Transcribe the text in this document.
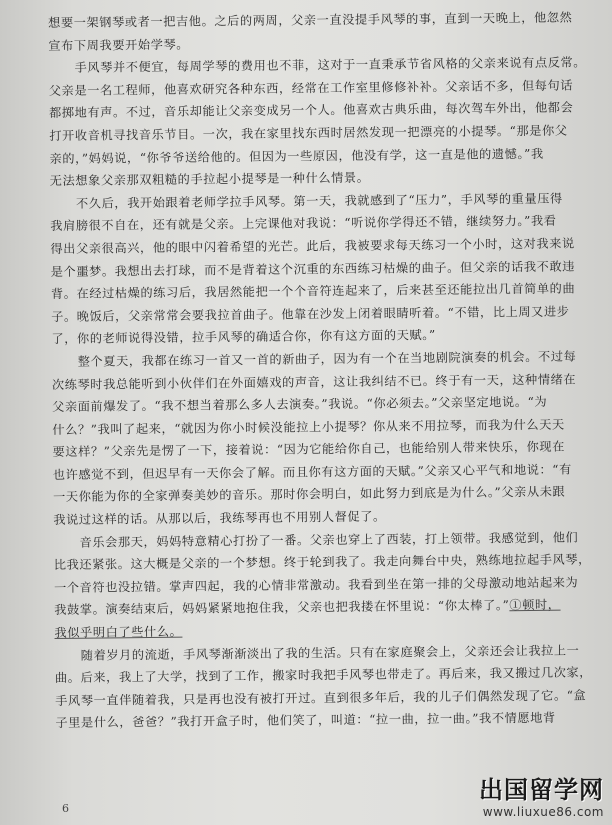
想要一架钢琴或者一把吉他。之后的两周，父亲一直没提手风琴的事，直到一天晚上，他忽然
宣布下周我要开始学琴。
手风琴并不便宜，每周学琴的费用也不菲，这对于一直秉承节省风格的父亲来说有点反常。
父亲是一名工程师，他喜欢研究各种东西，经常在工作室里修修补补。父亲话不多，但每句话
都掷地有声。不过，音乐却能让父亲变成另一个人。他喜欢古典乐曲，每次驾车外出，他都会
打开收音机寻找音乐节目。一次，我在家里找东西时居然发现一把漂亮的小提琴。“那是你父
亲的，”妈妈说，“你爷爷送给他的。但因为一些原因，他没有学，这一直是他的遗憾。”我
无法想象父亲那双粗糙的手拉起小提琴是一种什么情景。
不久后，我开始跟着老师学拉手风琴。第一天，我就感到了“压力”，手风琴的重量压得
我肩膀很不自在，还有就是父亲。上完课他对我说：“听说你学得还不错，继续努力。”我看
得出父亲很高兴，他的眼中闪着希望的光芒。此后，我被要求每天练习一个小时，这对我来说
是个噩梦。我想出去打球，而不是背着这个沉重的东西练习枯燥的曲子。但父亲的话我不敢违
背。在经过枯燥的练习后，我居然能把一个个音符连起来了，后来甚至还能拉出几首简单的曲
子。晚饭后，父亲常常会要我拉首曲子。他靠在沙发上闭着眼睛听着。“不错，比上周又进步
了，你的老师说得没错，拉手风琴的确适合你，你有这方面的天赋。”
整个夏天，我都在练习一首又一首的新曲子，因为有一个在当地剧院演奏的机会。不过每
次练琴时我总能听到小伙伴们在外面嬉戏的声音，这让我纠结不已。终于有一天，这种情绪在
父亲面前爆发了。“我不想当着那么多人去演奏。”我说。“你必须去。”父亲坚定地说。“为
什么？”我叫了起来，“就因为你小时候没能拉上小提琴？你从来不用拉琴，而我为什么天天
要这样？”父亲先是愣了一下，接着说：“因为它能给你自己，也能给别人带来快乐，你现在
也许感觉不到，但迟早有一天你会了解。而且你有这方面的天赋。”父亲又心平气和地说：“有
一天你能为你的全家弹奏美妙的音乐。那时你会明白，如此努力到底是为什么。”父亲从未跟
我说过这样的话。从那以后，我练琴再也不用别人督促了。
音乐会那天，妈妈特意精心打扮了一番。父亲也穿上了西装，打上领带。我感觉到，他们
比我还紧张。这大概是父亲的一个梦想。终于轮到我了。我走向舞台中央，熟练地拉起手风琴，
一个音符也没拉错。掌声四起，我的心情非常激动。我看到坐在第一排的父母激动地站起来为
我鼓掌。演奏结束后，妈妈紧紧地抱住我，父亲也把我搂在怀里说：“你太棒了。”①顿时，
我似乎明白了些什么。
随着岁月的流逝，手风琴渐渐淡出了我的生活。只有在家庭聚会上，父亲还会让我拉上一
曲。后来，我上了大学，找到了工作，搬家时我把手风琴也带走了。再后来，我又搬过几次家，
手风琴一直伴随着我，只是再也没有被打开过。直到很多年后，我的儿子们偶然发现了它。“盒
子里是什么，爸爸？”我打开盒子时，他们笑了，叫道：“拉一曲，拉一曲。”我不情愿地背
6
出国留学网
www.liuxue86.com
